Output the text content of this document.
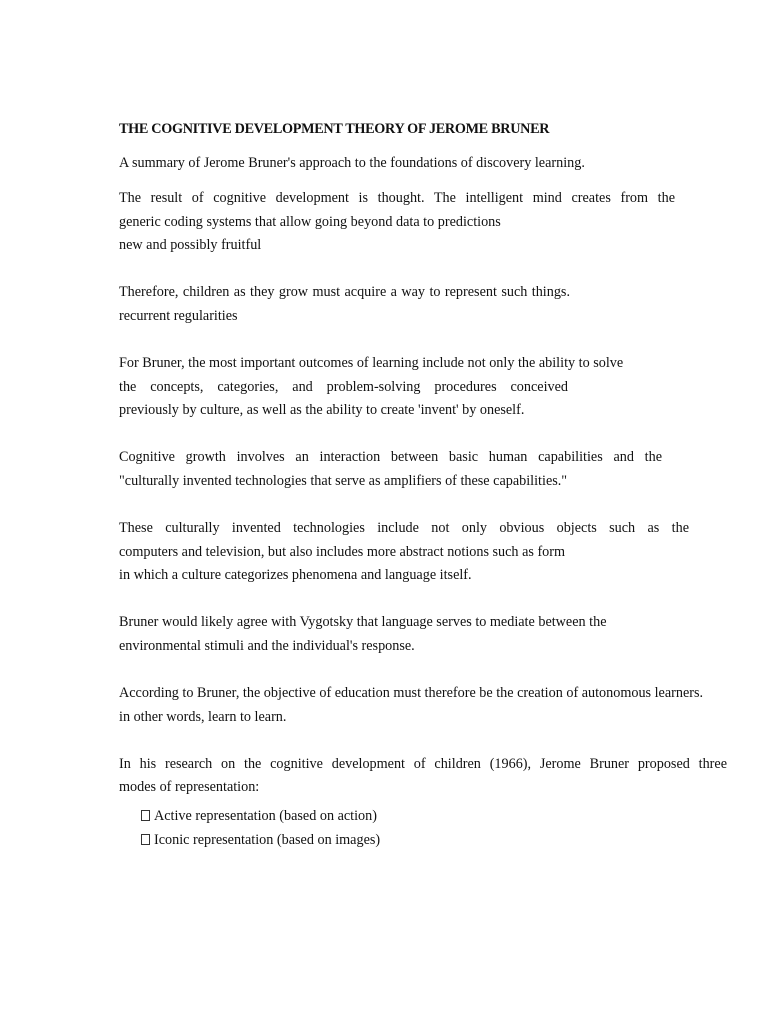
THE COGNITIVE DEVELOPMENT THEORY OF JEROME BRUNER
A summary of Jerome Bruner's approach to the foundations of discovery learning.
The result of cognitive development is thought. The intelligent mind creates from the
generic coding systems that allow going beyond data to predictions
new and possibly fruitful
Therefore, children as they grow must acquire a way to represent such things.
recurrent regularities
For Bruner, the most important outcomes of learning include not only the ability to solve
the concepts, categories, and problem-solving procedures conceived
previously by culture, as well as the ability to create 'invent' by oneself.
Cognitive growth involves an interaction between basic human capabilities and the
"culturally invented technologies that serve as amplifiers of these capabilities."
These culturally invented technologies include not only obvious objects such as the
computers and television, but also includes more abstract notions such as form
in which a culture categorizes phenomena and language itself.
Bruner would likely agree with Vygotsky that language serves to mediate between the
environmental stimuli and the individual's response.
According to Bruner, the objective of education must therefore be the creation of autonomous learners.
in other words, learn to learn.
In his research on the cognitive development of children (1966), Jerome Bruner proposed three
modes of representation:
Active representation (based on action)
Iconic representation (based on images)
